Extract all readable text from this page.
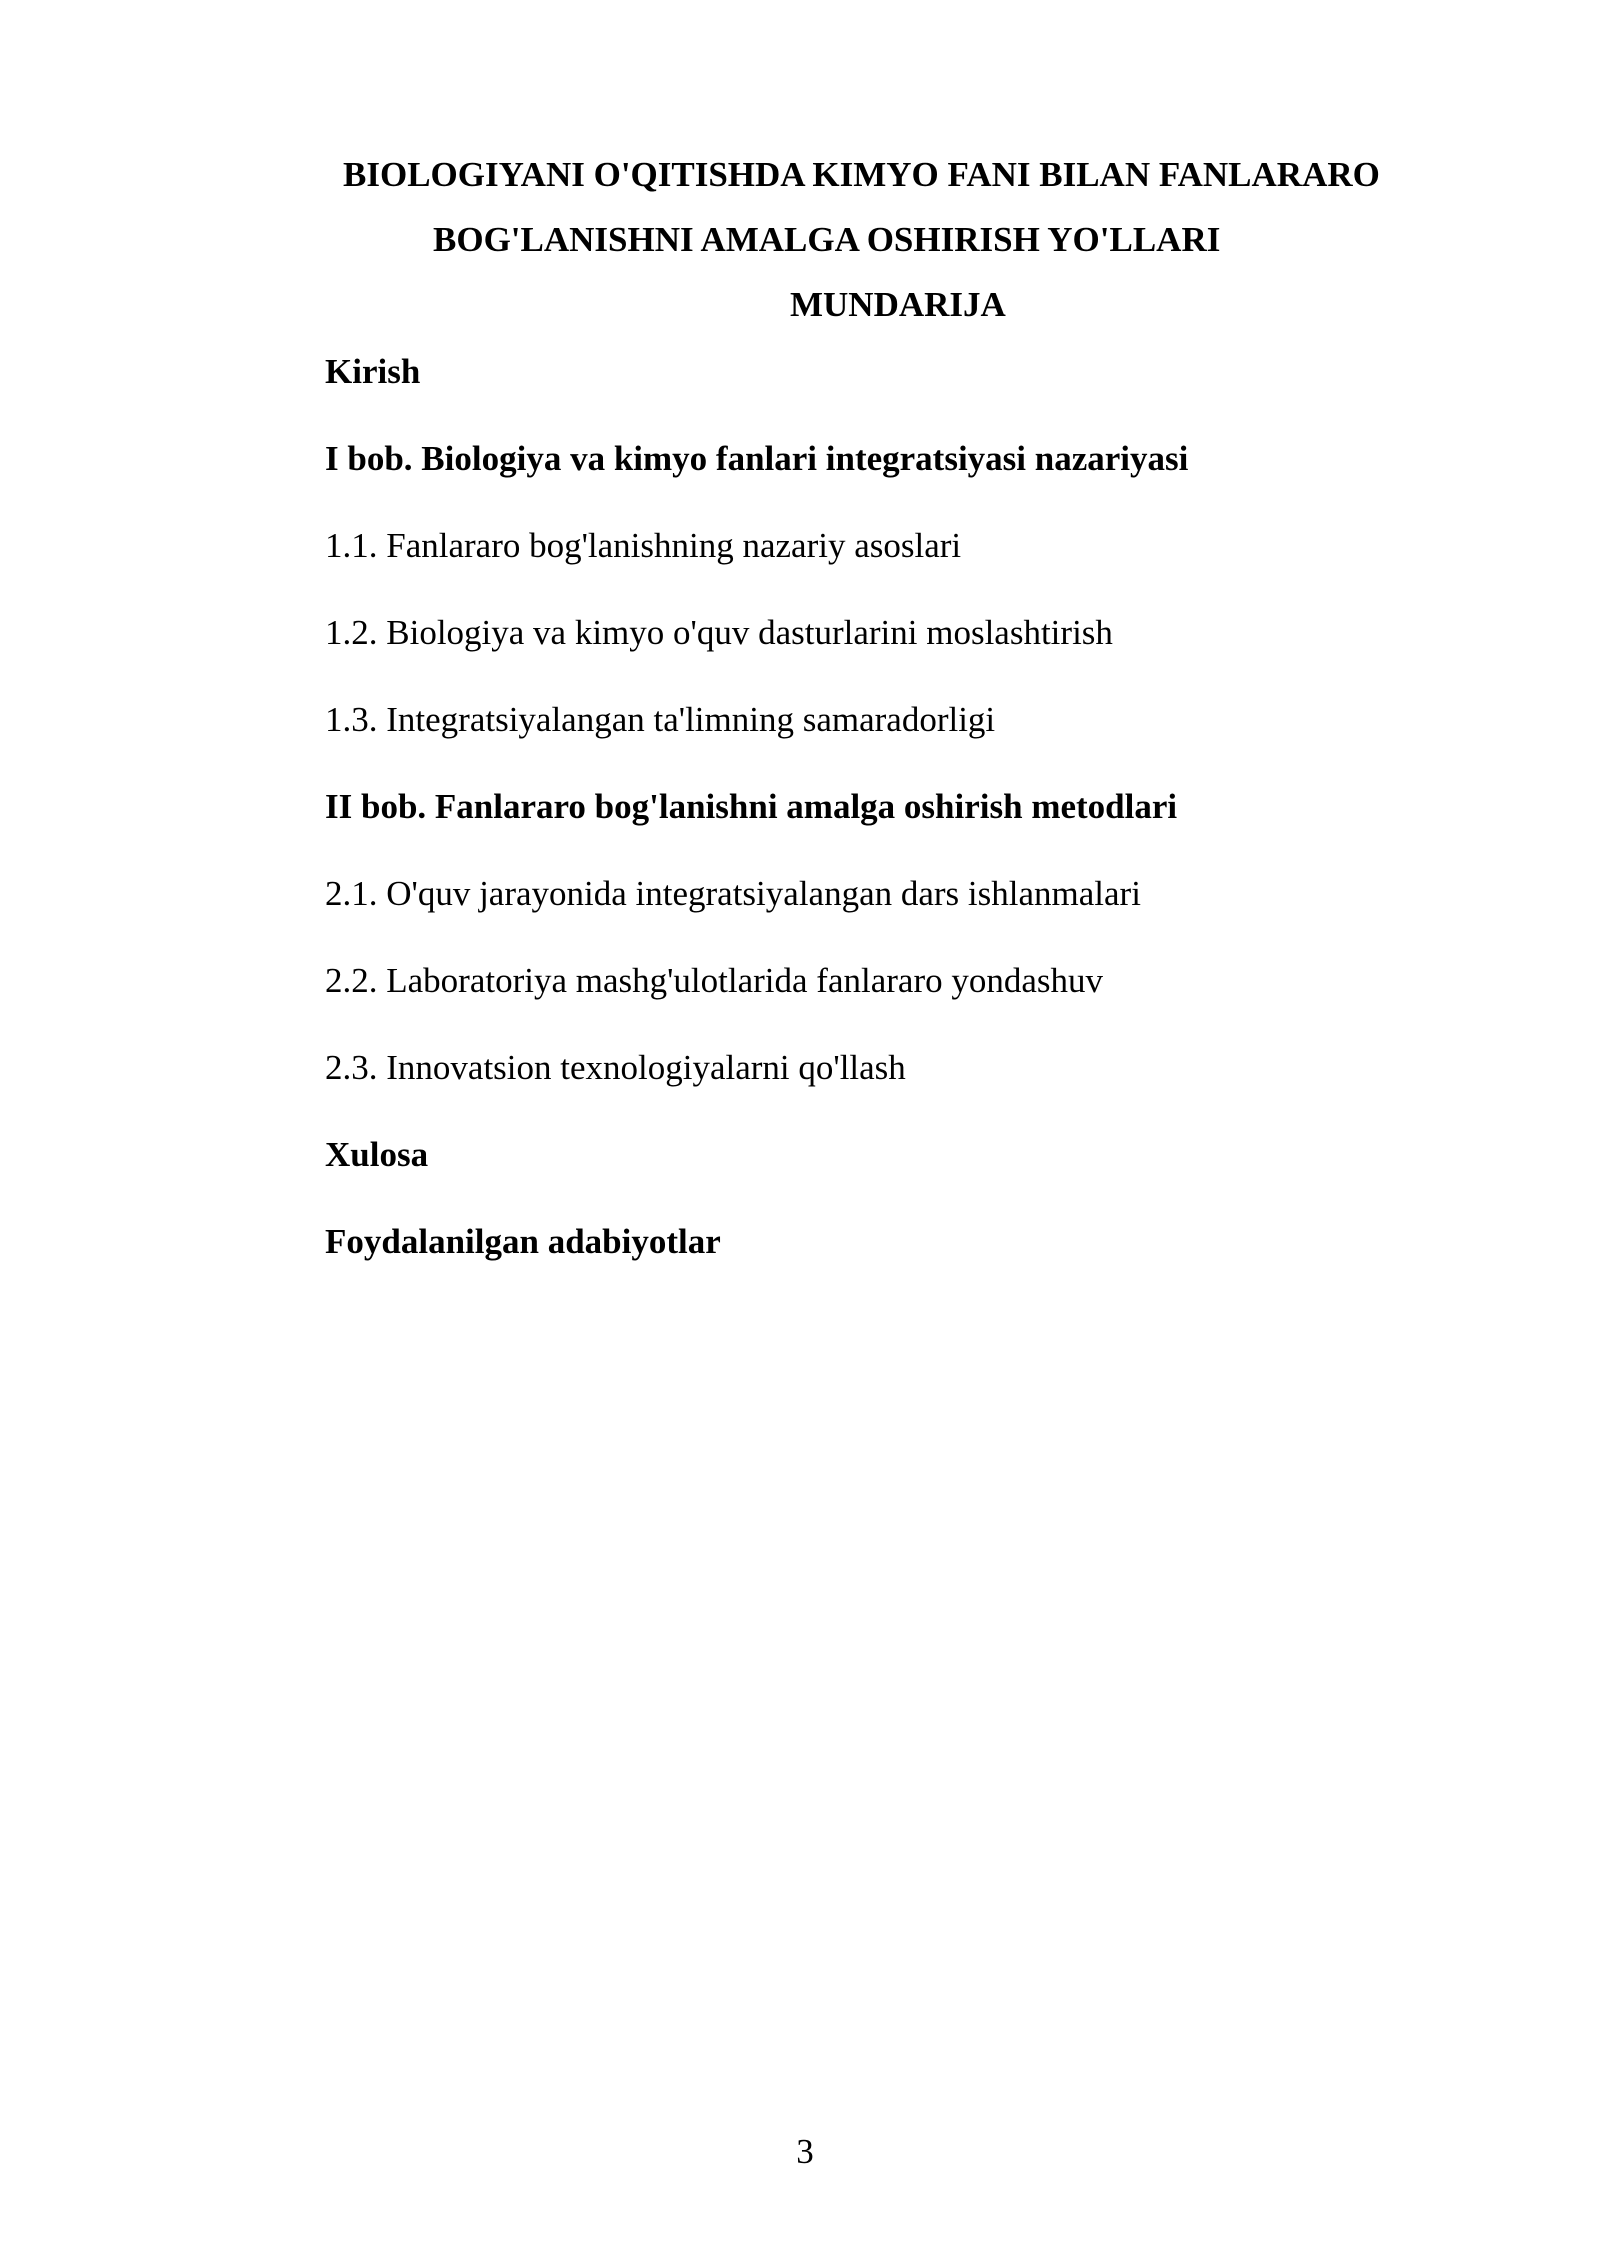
BIOLOGIYANI O'QITISHDA KIMYO FANI BILAN FANLARARO
BOG'LANISHNI AMALGA OSHIRISH YO'LLARI
MUNDARIJA
Kirish
I bob. Biologiya va kimyo fanlari integratsiyasi nazariyasi
1.1. Fanlararo bog'lanishning nazariy asoslari
1.2. Biologiya va kimyo o'quv dasturlarini moslashtirish
1.3. Integratsiyalangan ta'limning samaradorligi
II bob. Fanlararo bog'lanishni amalga oshirish metodlari
2.1. O'quv jarayonida integratsiyalangan dars ishlanmalari
2.2. Laboratoriya mashg'ulotlarida fanlararo yondashuv
2.3. Innovatsion texnologiyalarni qo'llash
Xulosa
Foydalanilgan adabiyotlar
3
